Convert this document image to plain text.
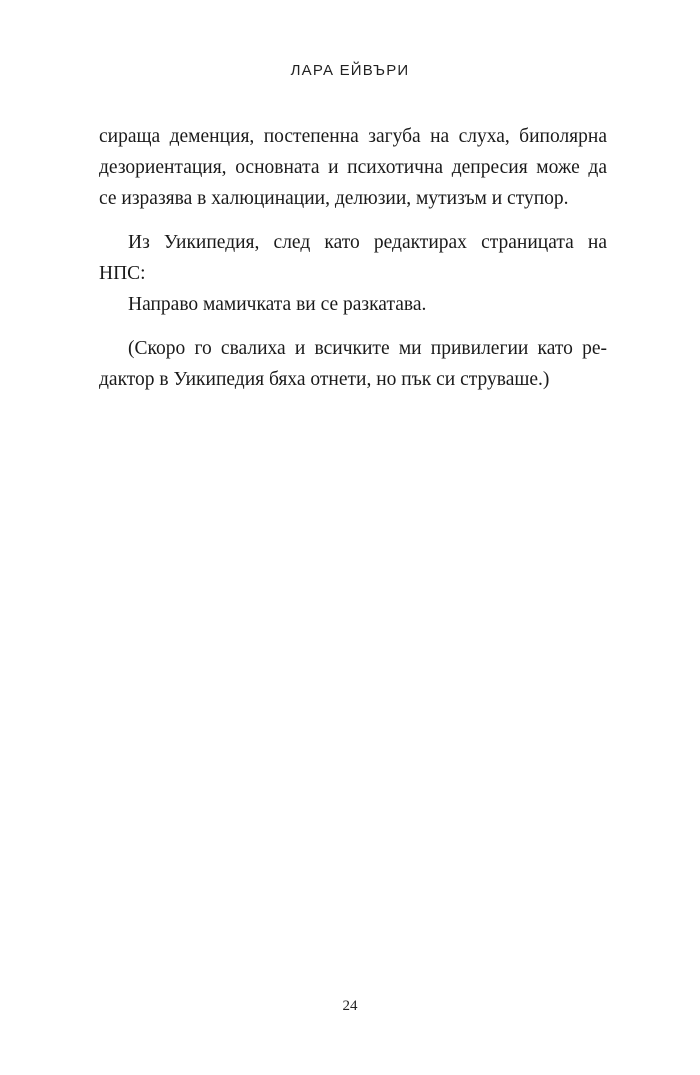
ЛАРА ЕЙВЪРИ
сираща деменция, постепенна загуба на слуха, биполярна
дезориентация, основната и психотична депресия може да
се изразява в халюцинации, делюзии, мутизъм и ступор.
Из Уикипедия, след като редактирах страницата на
НПС:
Направо мамичката ви се разкатава.
(Скоро го свалиха и всичките ми привилегии като ре-
дактор в Уикипедия бяха отнети, но пък си струваше.)
24
